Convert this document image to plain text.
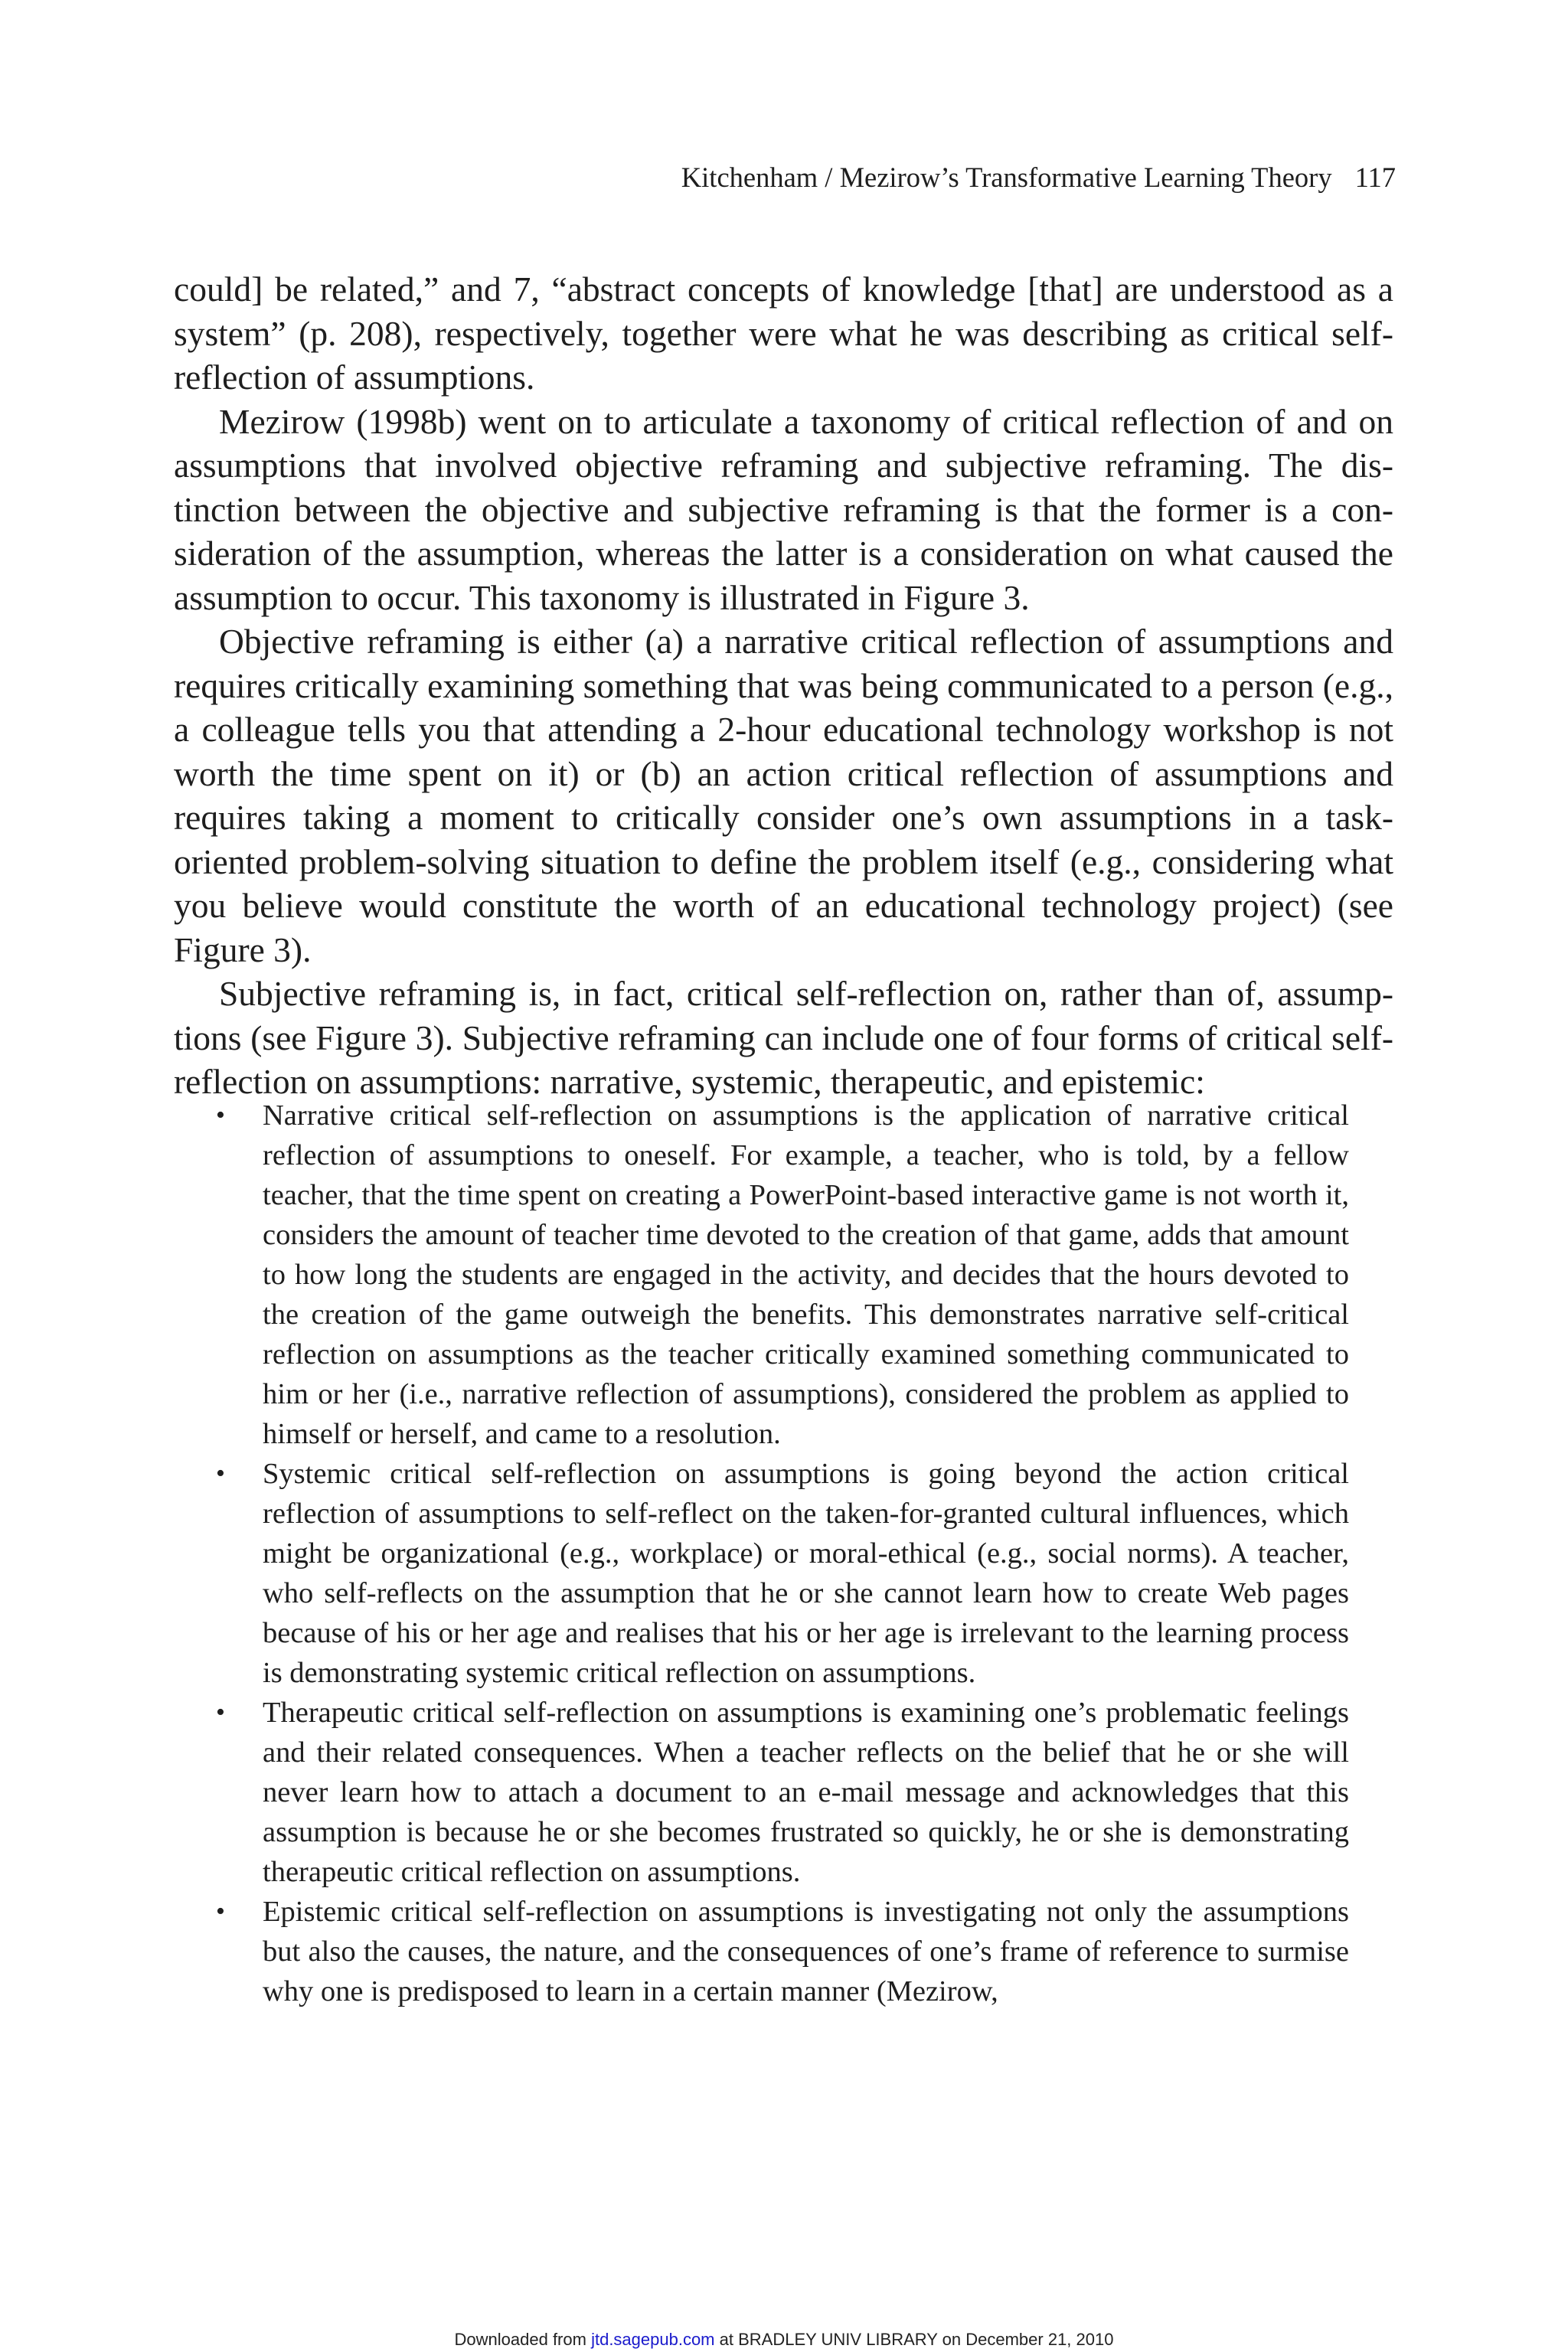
Kitchenham / Mezirow’s Transformative Learning Theory 117

could] be related,” and 7, “abstract concepts of knowledge [that] are understood as a system” (p. 208), respectively, together were what he was describing as critical self-reflection of assumptions.

Mezirow (1998b) went on to articulate a taxonomy of critical reflection of and on assumptions that involved objective reframing and subjective reframing. The distinction between the objective and subjective reframing is that the former is a consideration of the assumption, whereas the latter is a consideration on what caused the assumption to occur. This taxonomy is illustrated in Figure 3.

Objective reframing is either (a) a narrative critical reflection of assumptions and requires critically examining something that was being communicated to a person (e.g., a colleague tells you that attending a 2-hour educational technology workshop is not worth the time spent on it) or (b) an action critical reflection of assumptions and requires taking a moment to critically consider one’s own assumptions in a task-oriented problem-solving situation to define the problem itself (e.g., considering what you believe would constitute the worth of an educational technology project) (see Figure 3).

Subjective reframing is, in fact, critical self-reflection on, rather than of, assumptions (see Figure 3). Subjective reframing can include one of four forms of critical self-reflection on assumptions: narrative, systemic, therapeutic, and epistemic:

•	Narrative critical self-reflection on assumptions is the application of narrative critical reflection of assumptions to oneself. For example, a teacher, who is told, by a fellow teacher, that the time spent on creating a PowerPoint-based interactive game is not worth it, considers the amount of teacher time devoted to the creation of that game, adds that amount to how long the students are engaged in the activity, and decides that the hours devoted to the creation of the game outweigh the benefits. This demonstrates narrative self-critical reflection on assumptions as the teacher critically examined something communicated to him or her (i.e., narrative reflection of assumptions), considered the problem as applied to himself or herself, and came to a resolution.
•	Systemic critical self-reflection on assumptions is going beyond the action critical reflection of assumptions to self-reflect on the taken-for-granted cultural influences, which might be organizational (e.g., workplace) or moral-ethical (e.g., social norms). A teacher, who self-reflects on the assumption that he or she cannot learn how to create Web pages because of his or her age and realises that his or her age is irrelevant to the learning process is demonstrating systemic critical reflection on assumptions.
•	Therapeutic critical self-reflection on assumptions is examining one’s problematic feelings and their related consequences. When a teacher reflects on the belief that he or she will never learn how to attach a document to an e-mail message and acknowledges that this assumption is because he or she becomes frustrated so quickly, he or she is demonstrating therapeutic critical reflection on assumptions.
•	Epistemic critical self-reflection on assumptions is investigating not only the assumptions but also the causes, the nature, and the consequences of one’s frame of reference to surmise why one is predisposed to learn in a certain manner (Mezirow,
Downloaded from jtd.sagepub.com at BRADLEY UNIV LIBRARY on December 21, 2010
